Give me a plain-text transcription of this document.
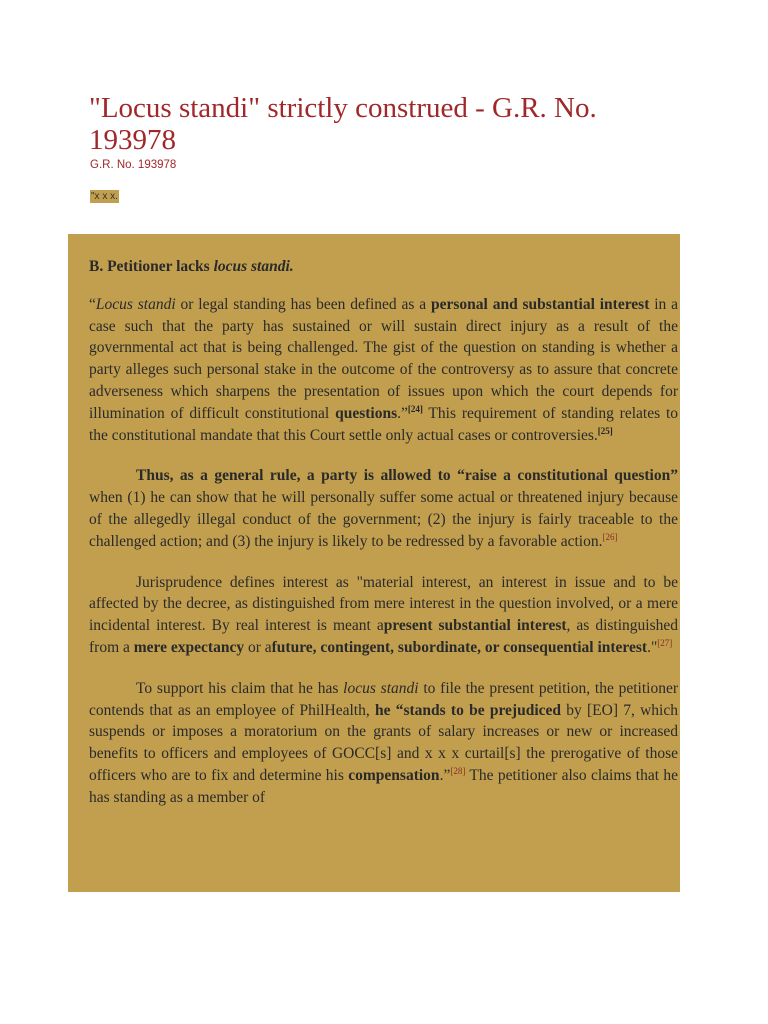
"Locus standi" strictly construed - G.R. No. 193978
G.R. No. 193978
"x x x.

B. Petitioner lacks locus standi.

“Locus standi or legal standing has been defined as a personal and substantial interest in a case such that the party has sustained or will sustain direct injury as a result of the governmental act that is being challenged. The gist of the question on standing is whether a party alleges such personal stake in the outcome of the controversy as to assure that concrete adverseness which sharpens the presentation of issues upon which the court depends for illumination of difficult constitutional questions.”[24] This requirement of standing relates to the constitutional mandate that this Court settle only actual cases or controversies.[25]

Thus, as a general rule, a party is allowed to “raise a constitutional question” when (1) he can show that he will personally suffer some actual or threatened injury because of the allegedly illegal conduct of the government; (2) the injury is fairly traceable to the challenged action; and (3) the injury is likely to be redressed by a favorable action.[26]

Jurisprudence defines interest as "material interest, an interest in issue and to be affected by the decree, as distinguished from mere interest in the question involved, or a mere incidental interest. By real interest is meant apresent substantial interest, as distinguished from a mere expectancy or afuture, contingent, subordinate, or consequential interest."[27]

To support his claim that he has locus standi to file the present petition, the petitioner contends that as an employee of PhilHealth, he “stands to be prejudiced by [EO] 7, which suspends or imposes a moratorium on the grants of salary increases or new or increased benefits to officers and employees of GOCC[s] and x x x curtail[s] the prerogative of those officers who are to fix and determine his compensation.”[28] The petitioner also claims that he has standing as a member of
